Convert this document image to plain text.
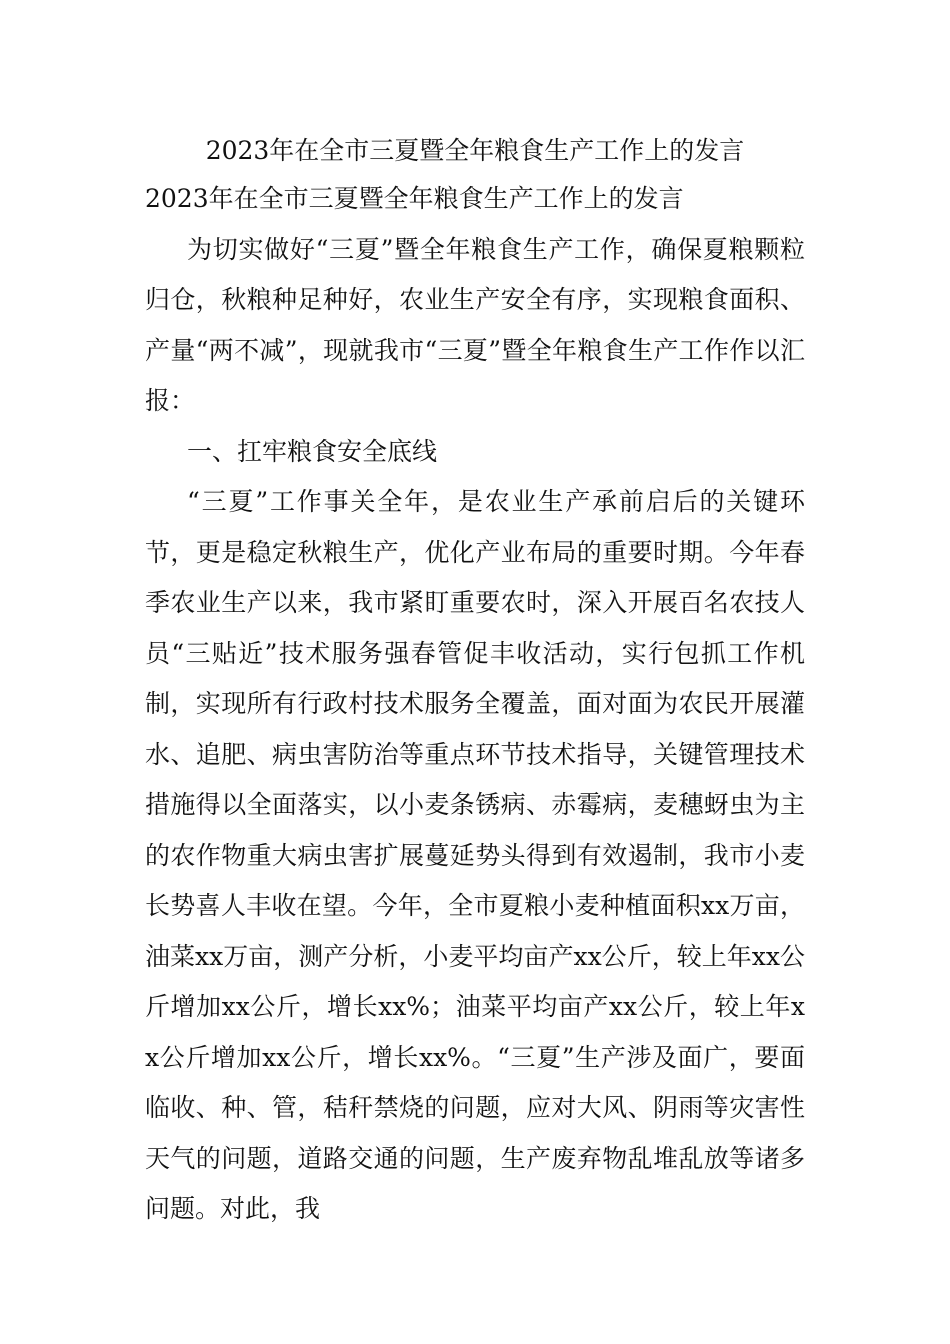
2023年在全市三夏暨全年粮食生产工作上的发言
2023年在全市三夏暨全年粮食生产工作上的发言

为切实做好“三夏”暨全年粮食生产工作，确保夏粮颗粒归仓，秋粮种足种好，农业生产安全有序，实现粮食面积、产量“两不减”，现就我市“三夏”暨全年粮食生产工作作以汇报：

一、扛牢粮食安全底线

“三夏”工作事关全年，是农业生产承前启后的关键环节，更是稳定秋粮生产，优化产业布局的重要时期。今年春季农业生产以来，我市紧盯重要农时，深入开展百名农技人员“三贴近”技术服务强春管促丰收活动，实行包抓工作机制，实现所有行政村技术服务全覆盖，面对面为农民开展灌水、追肥、病虫害防治等重点环节技术指导，关键管理技术措施得以全面落实，以小麦条锈病、赤霉病，麦穗蚜虫为主的农作物重大病虫害扩展蔓延势头得到有效遏制，我市小麦长势喜人丰收在望。今年，全市夏粮小麦种植面积xx万亩，油菜xx万亩，测产分析，小麦平均亩产xx公斤，较上年xx公斤增加xx公斤，增长xx%；油菜平均亩产xx公斤，较上年xx公斤增加xx公斤，增长xx%。“三夏”生产涉及面广，要面临收、种、管，秸秆禁烧的问题，应对大风、阴雨等灾害性天气的问题，道路交通的问题，生产废弃物乱堆乱放等诸多问题。对此，我
